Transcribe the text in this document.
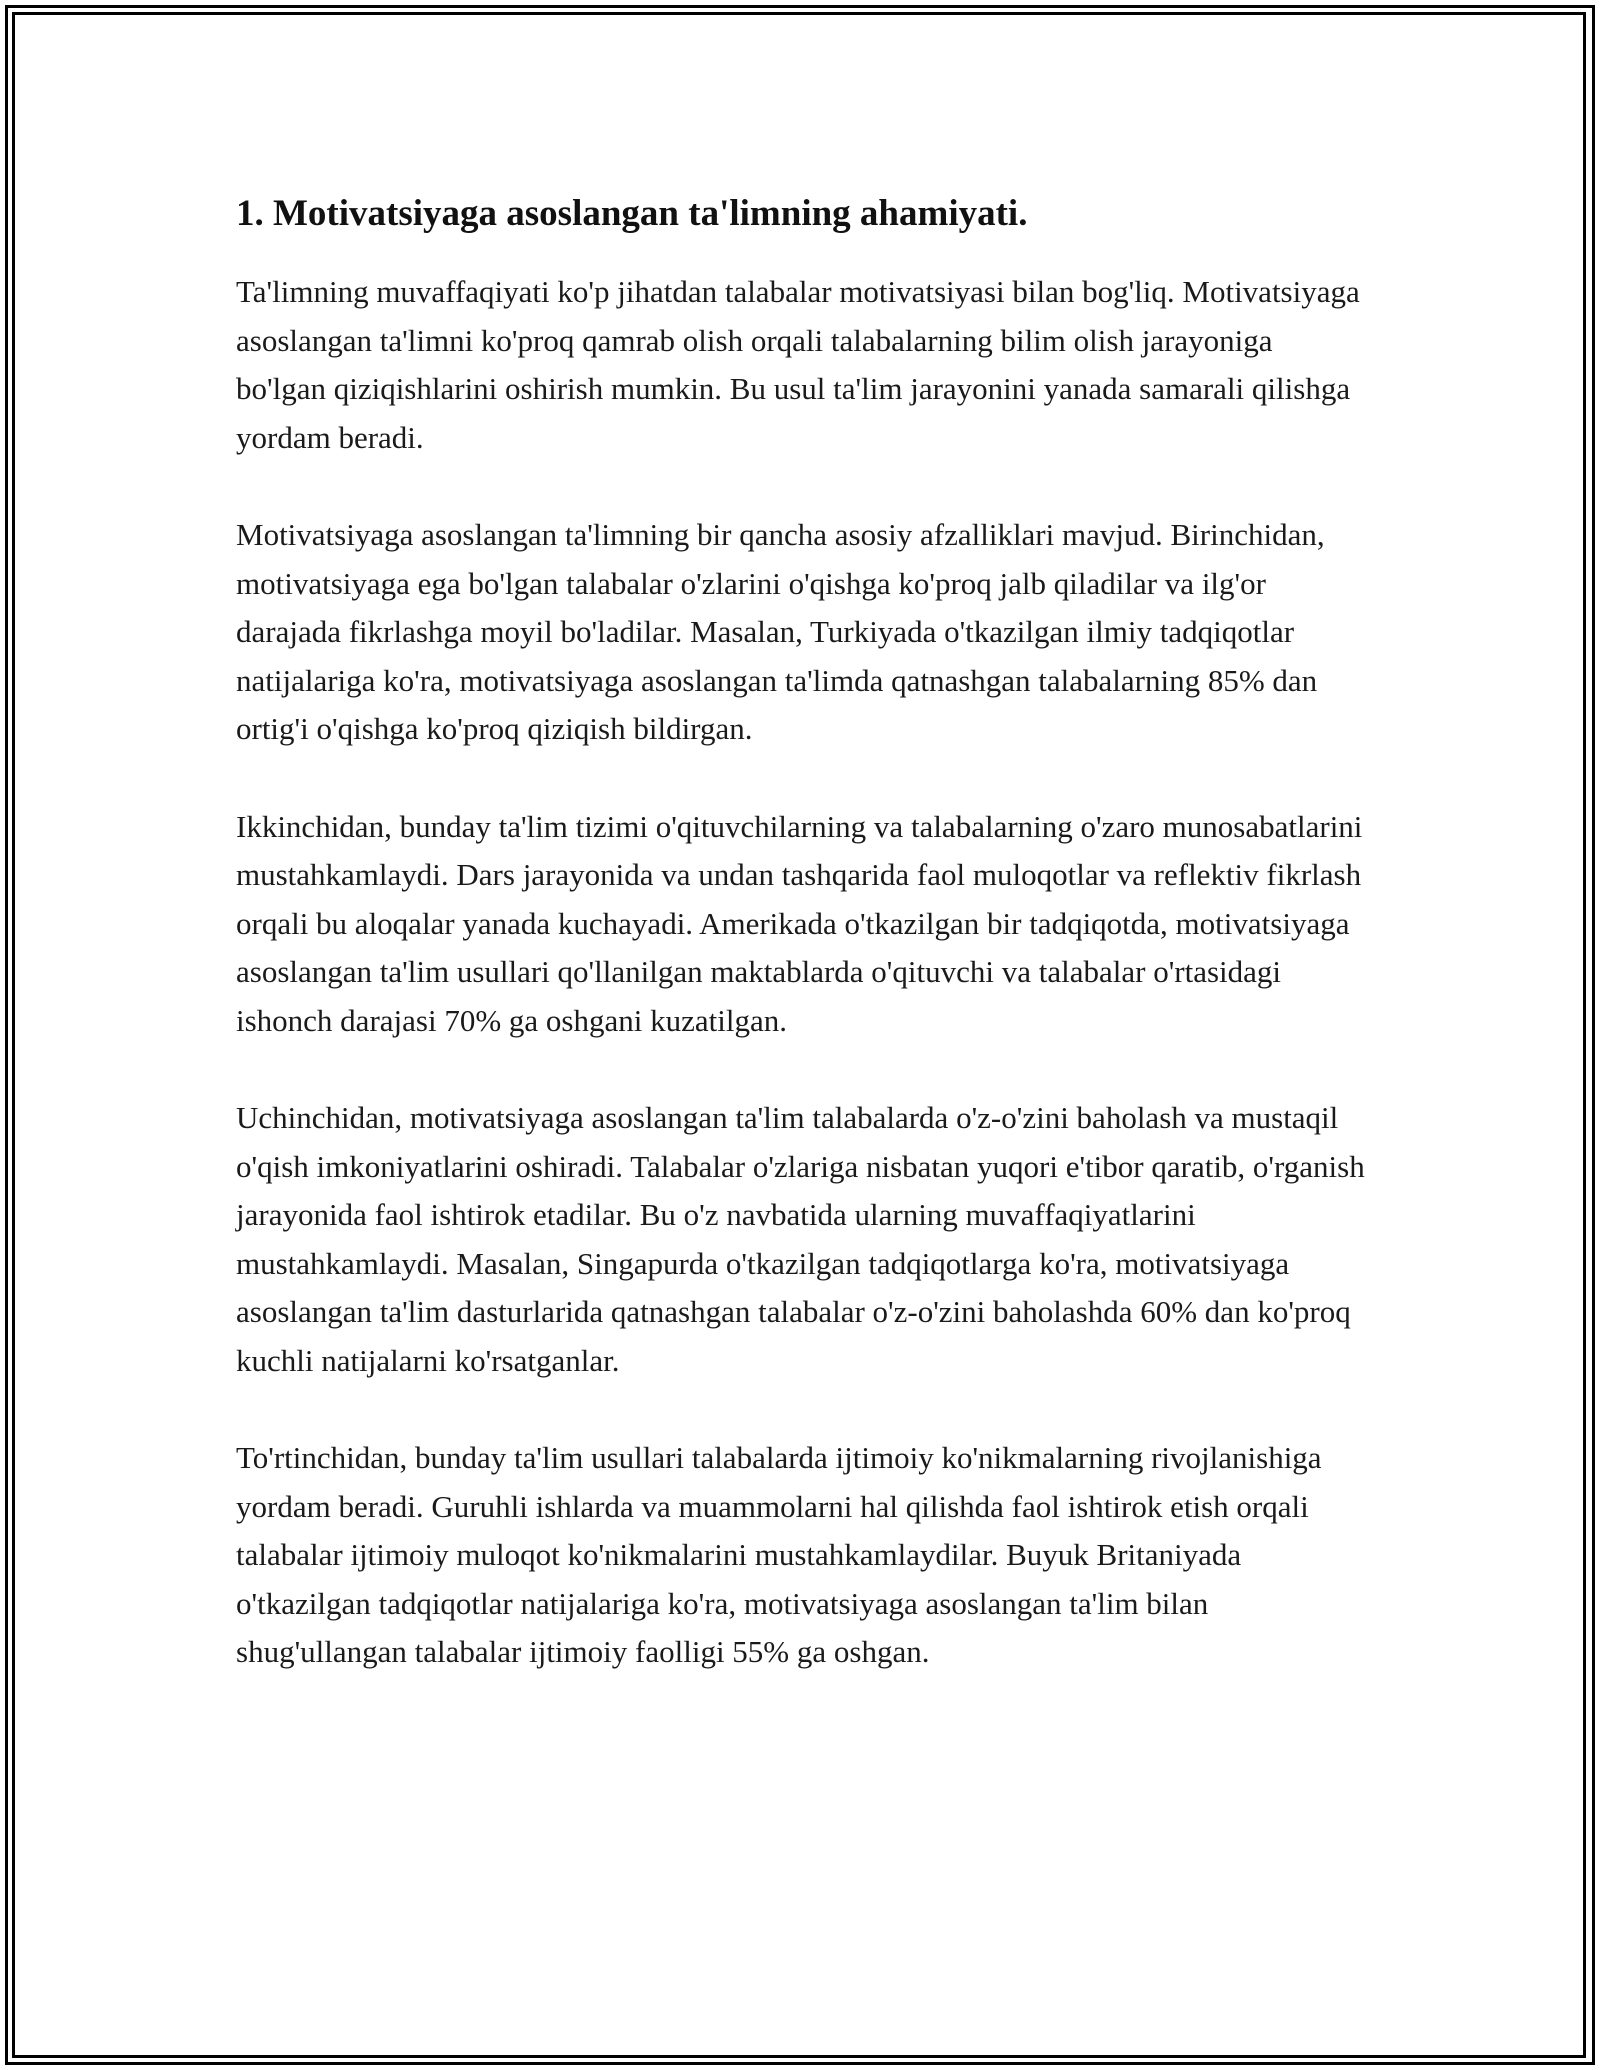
1. Motivatsiyaga asoslangan ta'limning ahamiyati.

Ta'limning muvaffaqiyati ko'p jihatdan talabalar motivatsiyasi bilan bog'liq. Motivatsiyaga asoslangan ta'limni ko'proq qamrab olish orqali talabalarning bilim olish jarayoniga bo'lgan qiziqishlarini oshirish mumkin. Bu usul ta'lim jarayonini yanada samarali qilishga yordam beradi.

Motivatsiyaga asoslangan ta'limning bir qancha asosiy afzalliklari mavjud. Birinchidan, motivatsiyaga ega bo'lgan talabalar o'zlarini o'qishga ko'proq jalb qiladilar va ilg'or darajada fikrlashga moyil bo'ladilar. Masalan, Turkiyada o'tkazilgan ilmiy tadqiqotlar natijalariga ko'ra, motivatsiyaga asoslangan ta'limda qatnashgan talabalarning 85% dan ortig'i o'qishga ko'proq qiziqish bildirgan.

Ikkinchidan, bunday ta'lim tizimi o'qituvchilarning va talabalarning o'zaro munosabatlarini mustahkamlaydi. Dars jarayonida va undan tashqarida faol muloqotlar va reflektiv fikrlash orqali bu aloqalar yanada kuchayadi. Amerikada o'tkazilgan bir tadqiqotda, motivatsiyaga asoslangan ta'lim usullari qo'llanilgan maktablarda o'qituvchi va talabalar o'rtasidagi ishonch darajasi 70% ga oshgani kuzatilgan.

Uchinchidan, motivatsiyaga asoslangan ta'lim talabalarda o'z-o'zini baholash va mustaqil o'qish imkoniyatlarini oshiradi. Talabalar o'zlariga nisbatan yuqori e'tibor qaratib, o'rganish jarayonida faol ishtirok etadilar. Bu o'z navbatida ularning muvaffaqiyatlarini mustahkamlaydi. Masalan, Singapurda o'tkazilgan tadqiqotlarga ko'ra, motivatsiyaga asoslangan ta'lim dasturlarida qatnashgan talabalar o'z-o'zini baholashda 60% dan ko'proq kuchli natijalarni ko'rsatganlar.

To'rtinchidan, bunday ta'lim usullari talabalarda ijtimoiy ko'nikmalarning rivojlanishiga yordam beradi. Guruhli ishlarda va muammolarni hal qilishda faol ishtirok etish orqali talabalar ijtimoiy muloqot ko'nikmalarini mustahkamlaydilar. Buyuk Britaniyada o'tkazilgan tadqiqotlar natijalariga ko'ra, motivatsiyaga asoslangan ta'lim bilan shug'ullangan talabalar ijtimoiy faolligi 55% ga oshgan.
